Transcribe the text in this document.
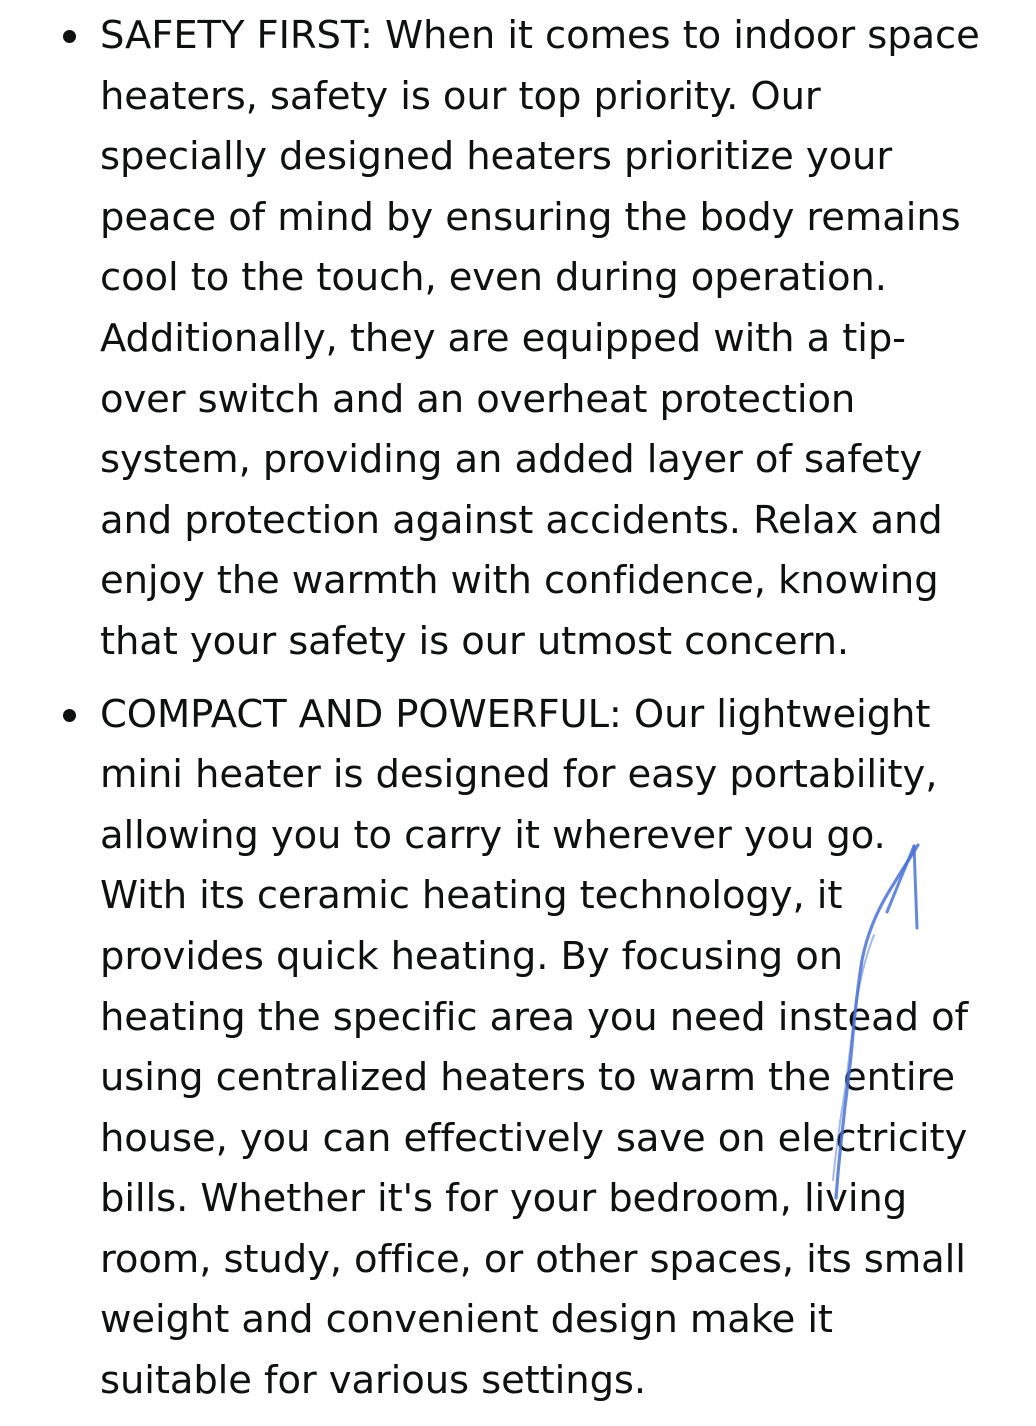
SAFETY FIRST: When it comes to indoor space
heaters, safety is our top priority. Our
specially designed heaters prioritize your
peace of mind by ensuring the body remains
cool to the touch, even during operation.
Additionally, they are equipped with a tip-
over switch and an overheat protection
system, providing an added layer of safety
and protection against accidents. Relax and
enjoy the warmth with confidence, knowing
that your safety is our utmost concern.

COMPACT AND POWERFUL: Our lightweight
mini heater is designed for easy portability,
allowing you to carry it wherever you go.
With its ceramic heating technology, it
provides quick heating. By focusing on
heating the specific area you need instead of
using centralized heaters to warm the entire
house, you can effectively save on electricity
bills. Whether it's for your bedroom, living
room, study, office, or other spaces, its small
weight and convenient design make it
suitable for various settings.
